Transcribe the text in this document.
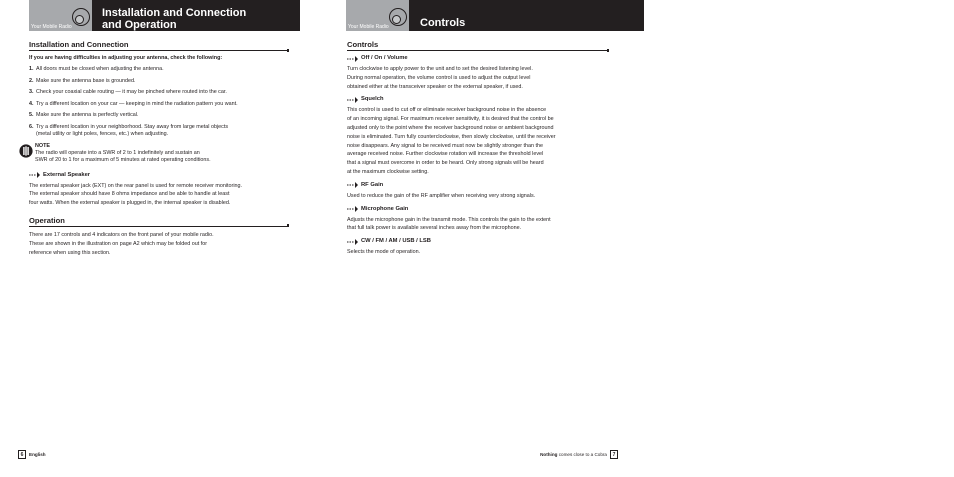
Your Mobile Radio
Installation and Connection
and Operation
Installation and Connection
If you are having difficulties in adjusting your antenna, check the following:
1. All doors must be closed when adjusting the antenna.
2. Make sure the antenna base is grounded.
3. Check your coaxial cable routing — it may be pinched where routed into the car.
4. Try a different location on your car — keeping in mind the radiation pattern you want.
5. Make sure the antenna is perfectly vertical.
6. Try a different location in your neighborhood. Stay away from large metal objects
(metal utility or light poles, fences, etc.) when adjusting.
NOTE
The radio will operate into a SWR of 2 to 1 indefinitely and sustain an
SWR of 20 to 1 for a maximum of 5 minutes at rated operating conditions.
External Speaker
The external speaker jack (EXT) on the rear panel is used for remote receiver monitoring.
The external speaker should have 8 ohms impedance and be able to handle at least
four watts. When the external speaker is plugged in, the internal speaker is disabled.
Operation
There are 17 controls and 4 indicators on the front panel of your mobile radio.
These are shown in the illustration on page A2 which may be folded out for
reference when using this section.
6	English
Your Mobile Radio	Controls
Controls
Off / On / Volume
Turn clockwise to apply power to the unit and to set the desired listening level.
During normal operation, the volume control is used to adjust the output level
obtained either at the transceiver speaker or the external speaker, if used.
Squelch
This control is used to cut off or eliminate receiver background noise in the absence
of an incoming signal. For maximum receiver sensitivity, it is desired that the control be
adjusted only to the point where the receiver background noise or ambient background
noise is eliminated. Turn fully counterclockwise, then slowly clockwise, until the receiver
noise disappears. Any signal to be received must now be slightly stronger than the
average received noise. Further clockwise rotation will increase the threshold level
that a signal must overcome in order to be heard. Only strong signals will be heard
at the maximum clockwise setting.
RF Gain
Used to reduce the gain of the RF amplifier when receiving very strong signals.
Microphone Gain
Adjusts the microphone gain in the transmit mode. This controls the gain to the extent
that full talk power is available several inches away from the microphone.
CW / FM / AM / USB / LSB
Selects the mode of operation.
Nothing comes close to a Cobra	7
